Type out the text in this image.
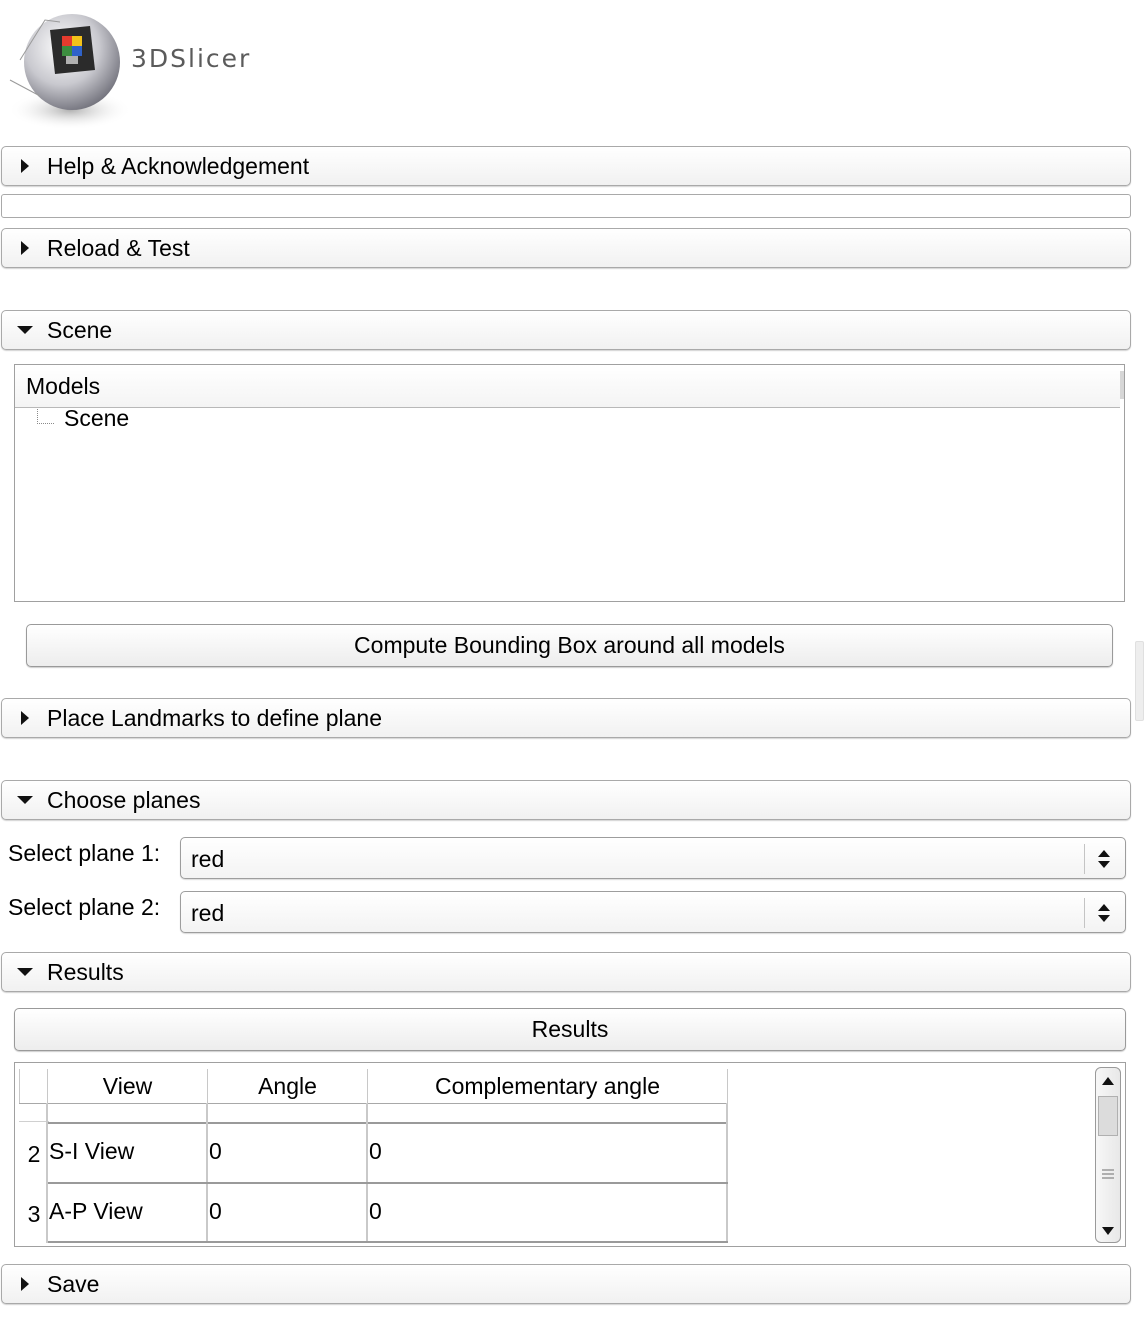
3DSlicer
Help & Acknowledgement
Reload & Test
Scene
Models
Scene
Compute Bounding Box around all models
Place Landmarks to define plane
Choose planes
Select plane 1: red
Select plane 2: red
Results
Results
View	Angle	Complementary angle
2 S-I View	0	0
3 A-P View	0	0
Save
